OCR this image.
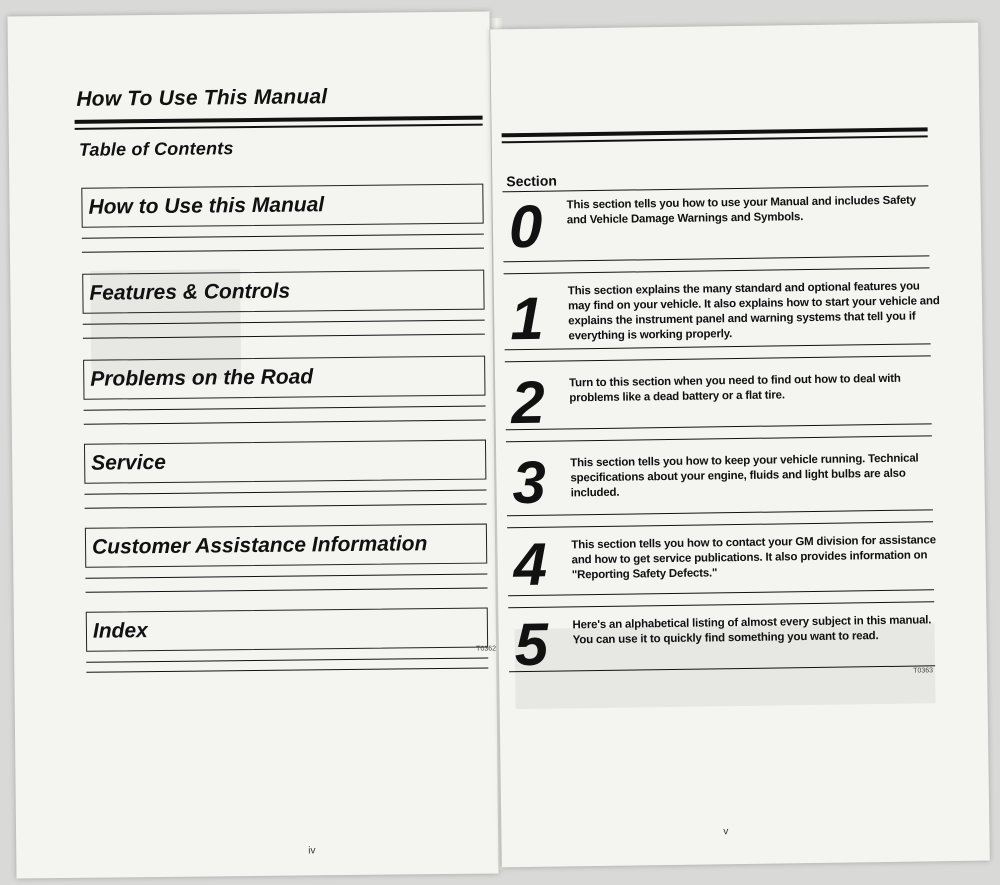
How To Use This Manual
Table of Contents
How to Use this Manual
Features & Controls
Problems on the Road
Service
Customer Assistance Information
Index
T0362
iv
Section
0	This section tells you how to use your Manual and includes Safety and Vehicle Damage Warnings and Symbols.
1	This section explains the many standard and optional features you may find on your vehicle. It also explains how to start your vehicle and explains the instrument panel and warning systems that tell you if everything is working properly.
2	Turn to this section when you need to find out how to deal with problems like a dead battery or a flat tire.
3	This section tells you how to keep your vehicle running. Technical specifications about your engine, fluids and light bulbs are also included.
4	This section tells you how to contact your GM division for assistance and how to get service publications. It also provides information on "Reporting Safety Defects."
5	Here's an alphabetical listing of almost every subject in this manual. You can use it to quickly find something you want to read.
T0363
v
